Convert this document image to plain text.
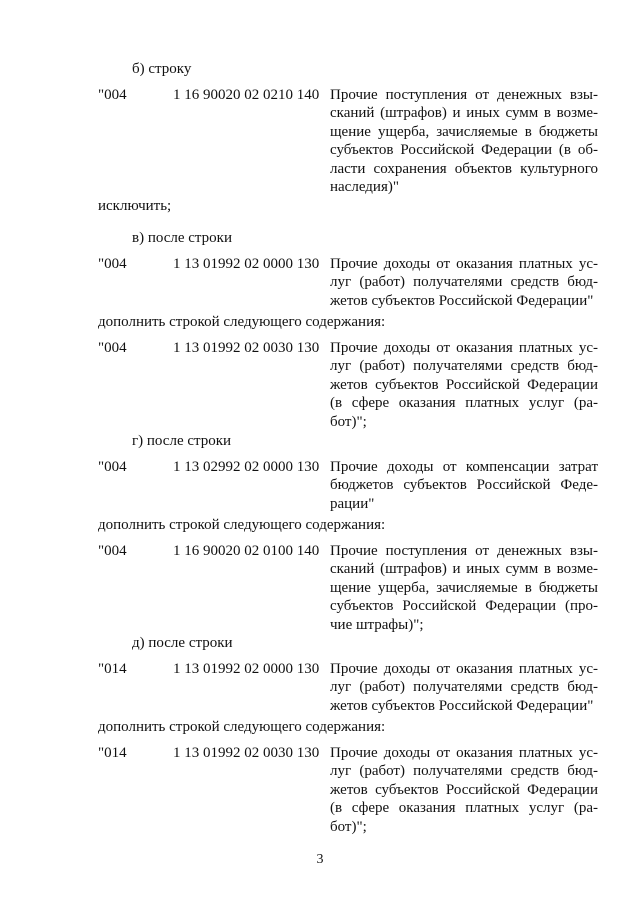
3
б) строку
"004	1 16 90020 02 0210 140 Прочие поступления от денежных взы-
сканий (штрафов) и иных сумм в возме-
щение ущерба, зачисляемые в бюджеты
субъектов Российской Федерации (в об-
ласти сохранения объектов культурного
наследия)"
исключить;
в) после строки
"004	1 13 01992 02 0000 130 Прочие доходы от оказания платных ус-
луг (работ) получателями средств бюд-
жетов субъектов Российской Федерации"
дополнить строкой следующего содержания:
"004	1 13 01992 02 0030 130 Прочие доходы от оказания платных ус-
луг (работ) получателями средств бюд-
жетов субъектов Российской Федерации
(в сфере оказания платных услуг (ра-
бот)";
г) после строки
"004	1 13 02992 02 0000 130 Прочие доходы от компенсации затрат
бюджетов субъектов Российской Феде-
рации"
дополнить строкой следующего содержания:
"004	1 16 90020 02 0100 140 Прочие поступления от денежных взы-
сканий (штрафов) и иных сумм в возме-
щение ущерба, зачисляемые в бюджеты
субъектов Российской Федерации (про-
чие штрафы)";
д) после строки
"014	1 13 01992 02 0000 130 Прочие доходы от оказания платных ус-
луг (работ) получателями средств бюд-
жетов субъектов Российской Федерации"
дополнить строкой следующего содержания:
"014	1 13 01992 02 0030 130 Прочие доходы от оказания платных ус-
луг (работ) получателями средств бюд-
жетов субъектов Российской Федерации
(в сфере оказания платных услуг (ра-
бот)";
